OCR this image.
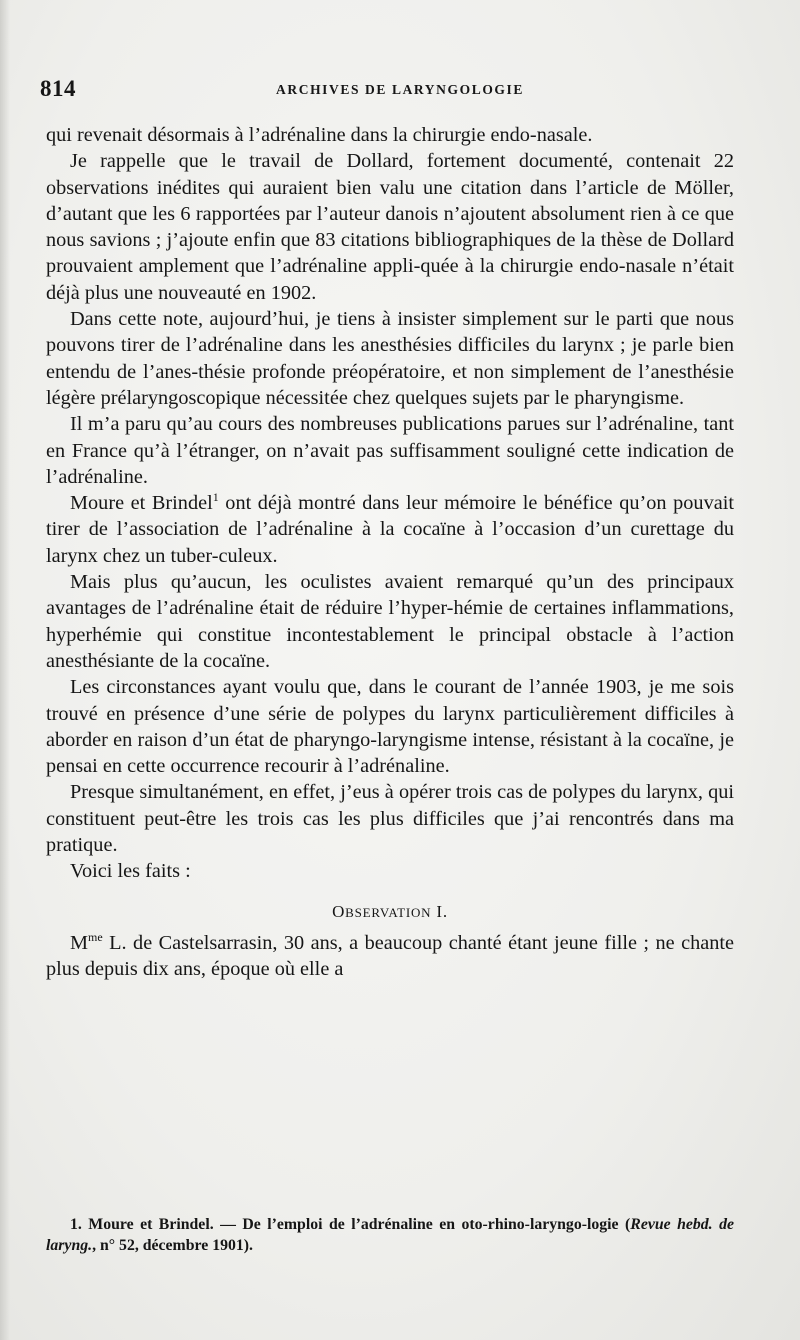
814	ARCHIVES DE LARYNGOLOGIE

qui revenait désormais à l’adrénaline dans la chirurgie endo-nasale.

Je rappelle que le travail de Dollard, fortement documenté, contenait 22 observations inédites qui auraient bien valu une citation dans l’article de Möller, d’autant que les 6 rapportées par l’auteur danois n’ajoutent absolument rien à ce que nous savions ; j’ajoute enfin que 83 citations bibliographiques de la thèse de Dollard prouvaient amplement que l’adrénaline appli-quée à la chirurgie endo-nasale n’était déjà plus une nouveauté en 1902.

Dans cette note, aujourd’hui, je tiens à insister simplement sur le parti que nous pouvons tirer de l’adrénaline dans les anesthésies difficiles du larynx ; je parle bien entendu de l’anes-thésie profonde préopératoire, et non simplement de l’anesthésie légère prélaryngoscopique nécessitée chez quelques sujets par le pharyngisme.

Il m’a paru qu’au cours des nombreuses publications parues sur l’adrénaline, tant en France qu’à l’étranger, on n’avait pas suffisamment souligné cette indication de l’adrénaline.

Moure et Brindel$^1$ ont déjà montré dans leur mémoire le bénéfice qu’on pouvait tirer de l’association de l’adrénaline à la cocaïne à l’occasion d’un curettage du larynx chez un tuber-culeux.

Mais plus qu’aucun, les oculistes avaient remarqué qu’un des principaux avantages de l’adrénaline était de réduire l’hyper-hémie de certaines inflammations, hyperhémie qui constitue incontestablement le principal obstacle à l’action anesthésiante de la cocaïne.

Les circonstances ayant voulu que, dans le courant de l’année 1903, je me sois trouvé en présence d’une série de polypes du larynx particulièrement difficiles à aborder en raison d’un état de pharyngo-laryngisme intense, résistant à la cocaïne, je pensai en cette occurrence recourir à l’adrénaline.

Presque simultanément, en effet, j’eus à opérer trois cas de polypes du larynx, qui constituent peut-être les trois cas les plus difficiles que j’ai rencontrés dans ma pratique.

Voici les faits :

OBSERVATION I.

$M^{me}$ L. de Castelsarrasin, 30 ans, a beaucoup chanté étant jeune fille ; ne chante plus depuis dix ans, époque où elle a

1. Moure et Brindel. — De l’emploi de l’adrénaline en oto-rhino-laryngo-logie (Revue hebd. de laryng., n° 52, décembre 1901).
